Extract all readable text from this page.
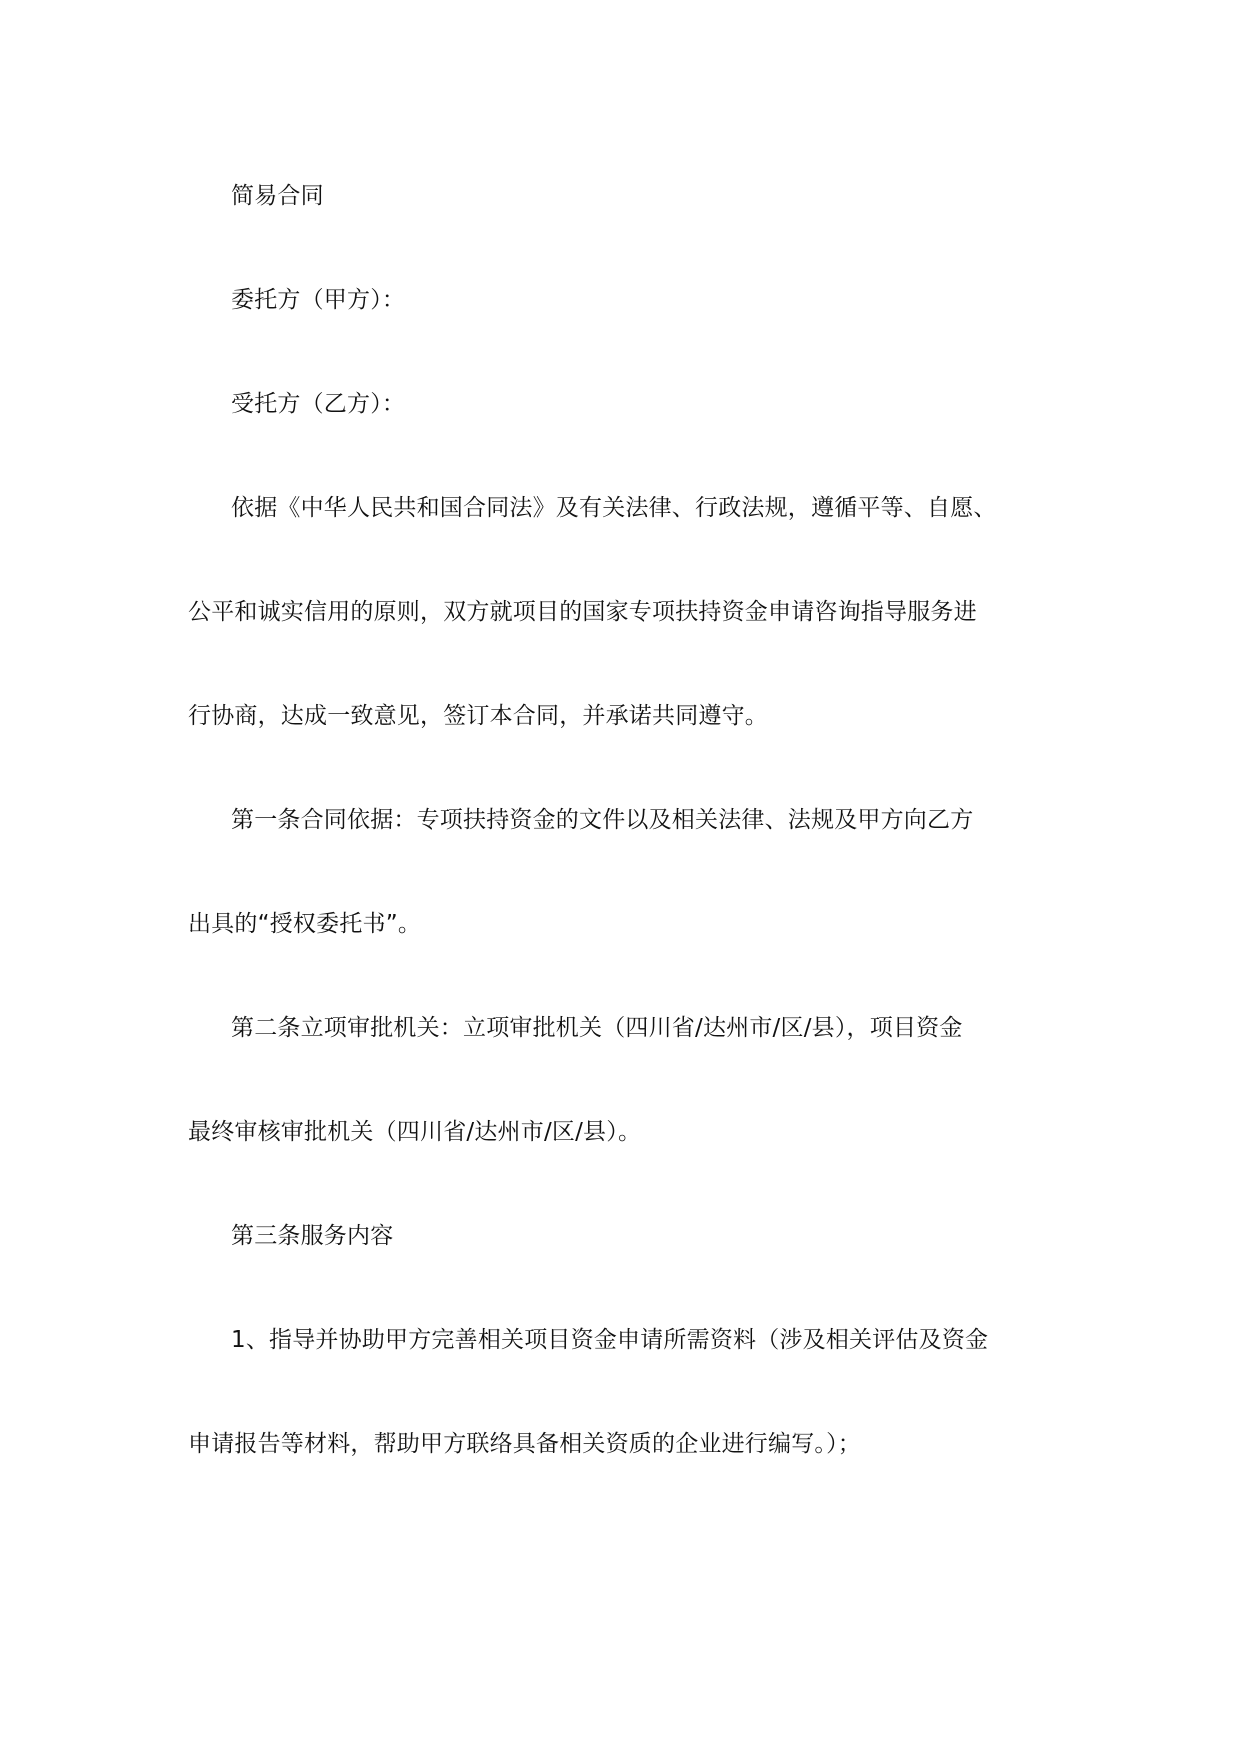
简易合同
委托方（甲方）：
受托方（乙方）：
依据《中华人民共和国合同法》及有关法律、行政法规，遵循平等、自愿、
公平和诚实信用的原则，双方就项目的国家专项扶持资金申请咨询指导服务进
行协商，达成一致意见，签订本合同，并承诺共同遵守。
第一条合同依据：专项扶持资金的文件以及相关法律、法规及甲方向乙方
出具的“授权委托书”。
第二条立项审批机关：立项审批机关（四川省/达州市/区/县），项目资金
最终审核审批机关（四川省/达州市/区/县）。
第三条服务内容
1、指导并协助甲方完善相关项目资金申请所需资料（涉及相关评估及资金
申请报告等材料，帮助甲方联络具备相关资质的企业进行编写。）；
